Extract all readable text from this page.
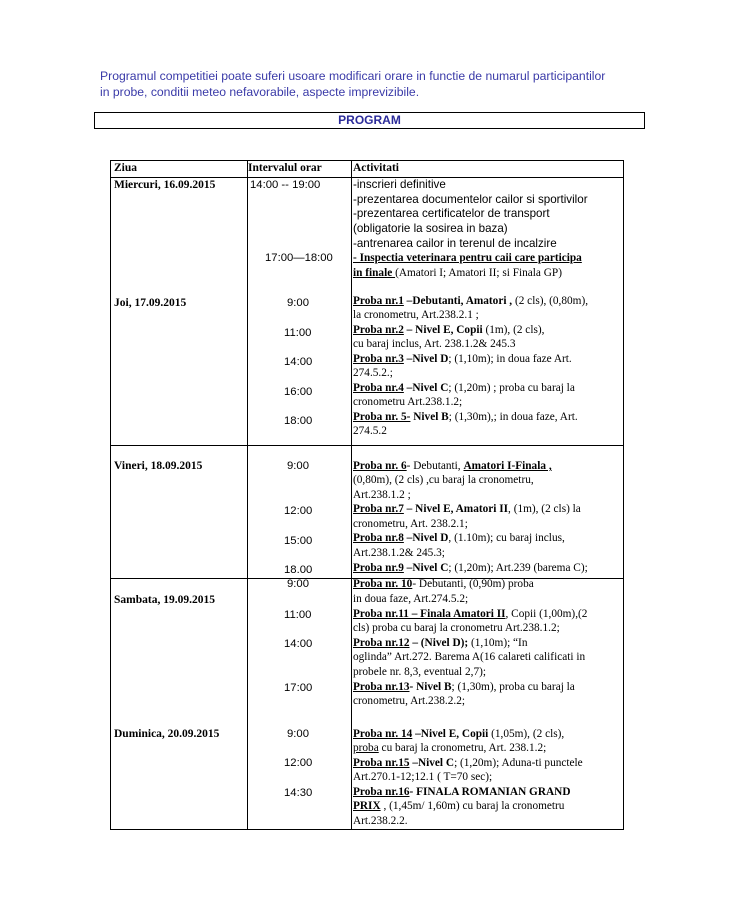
Programul competitiei poate suferi usoare modificari orare in functie de numarul participantilor
in probe, conditii meteo nefavorabile, aspecte imprevizibile.
PROGRAM
Ziua	Intervalul orar	Activitati
Miercuri, 16.09.2015
Joi, 17.09.2015
Vineri, 18.09.2015
Sambata, 19.09.2015
Duminica, 20.09.2015
14:00 -- 19:00
17:00—18:00
9:00
11:00
14:00
16:00
18:00
9:00
12:00
15:00
18.00
9:00
11:00
14:00
17:00
9:00
12:00
14:30
-inscrieri definitive
-prezentarea documentelor cailor si sportivilor
-prezentarea certificatelor de transport
(obligatorie la sosirea in baza)
-antrenarea cailor in terenul de incalzire
- Inspectia veterinara pentru caii care participa
in finale (Amatori I; Amatori II; si Finala GP)
Proba nr.1 –Debutanti, Amatori , (2 cls), (0,80m),
la cronometru, Art.238.2.1 ;
Proba nr.2 – Nivel E, Copii (1m), (2 cls),
cu baraj inclus, Art. 238.1.2& 245.3
Proba nr.3 –Nivel D; (1,10m); in doua faze Art.
274.5.2.;
Proba nr.4 –Nivel C; (1,20m) ; proba cu baraj la
cronometru Art.238.1.2;
Proba nr. 5- Nivel B; (1,30m),; in doua faze, Art.
274.5.2
Proba nr. 6- Debutanti, Amatori I-Finala ,
(0,80m), (2 cls) ,cu baraj la cronometru,
Art.238.1.2 ;
Proba nr.7 – Nivel E, Amatori II, (1m), (2 cls) la
cronometru, Art. 238.2.1;
Proba nr.8 –Nivel D, (1.10m); cu baraj inclus,
Art.238.1.2& 245.3;
Proba nr.9 –Nivel C; (1,20m); Art.239 (barema C);
Proba nr. 10- Debutanti, (0,90m) proba
in doua faze, Art.274.5.2;
Proba nr.11 – Finala Amatori II, Copii (1,00m),(2
cls) proba cu baraj la cronometru Art.238.1.2;
Proba nr.12 – (Nivel D); (1,10m); “In
oglinda” Art.272. Barema A(16 calareti calificati in
probele nr. 8,3, eventual 2,7);
Proba nr.13- Nivel B; (1,30m), proba cu baraj la
cronometru, Art.238.2.2;
Proba nr. 14 –Nivel E, Copii (1,05m), (2 cls),
proba cu baraj la cronometru, Art. 238.1.2;
Proba nr.15 –Nivel C; (1,20m); Aduna-ti punctele
Art.270.1-12;12.1 ( T=70 sec);
Proba nr.16- FINALA ROMANIAN GRAND
PRIX , (1,45m/ 1,60m) cu baraj la cronometru
Art.238.2.2.
